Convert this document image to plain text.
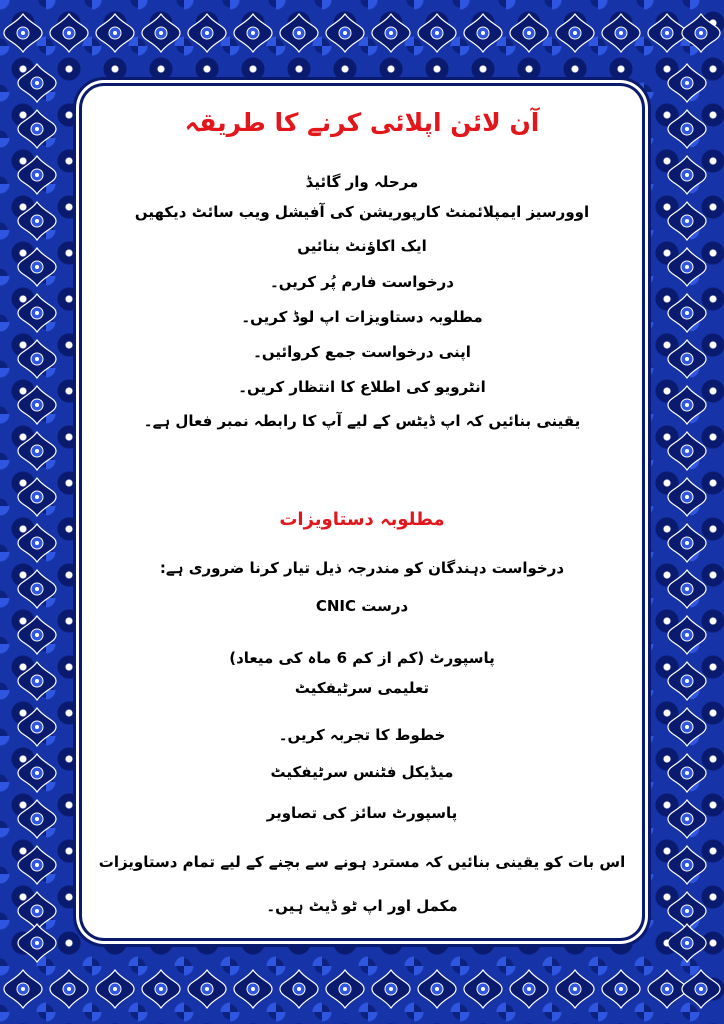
آن لائن اپلائی کرنے کا طریقہ
مرحلہ وار گائیڈ
اوورسیز ایمپلائمنٹ کارپوریشن کی آفیشل ویب سائٹ دیکھیں
ایک اکاؤنٹ بنائیں
درخواست فارم پُر کریں۔
مطلوبہ دستاویزات اپ لوڈ کریں۔
اپنی درخواست جمع کروائیں۔
انٹرویو کی اطلاع کا انتظار کریں۔
یقینی بنائیں کہ اپ ڈیٹس کے لیے آپ کا رابطہ نمبر فعال ہے۔
مطلوبہ دستاویزات
درخواست دہندگان کو مندرجہ ذیل تیار کرنا ضروری ہے:
درست CNIC
پاسپورٹ (کم از کم 6 ماہ کی میعاد)
تعلیمی سرٹیفکیٹ
خطوط کا تجربہ کریں۔
میڈیکل فٹنس سرٹیفکیٹ
پاسپورٹ سائز کی تصاویر
اس بات کو یقینی بنائیں کہ مسترد ہونے سے بچنے کے لیے تمام دستاویزات مکمل اور اپ ٹو ڈیٹ ہیں۔
